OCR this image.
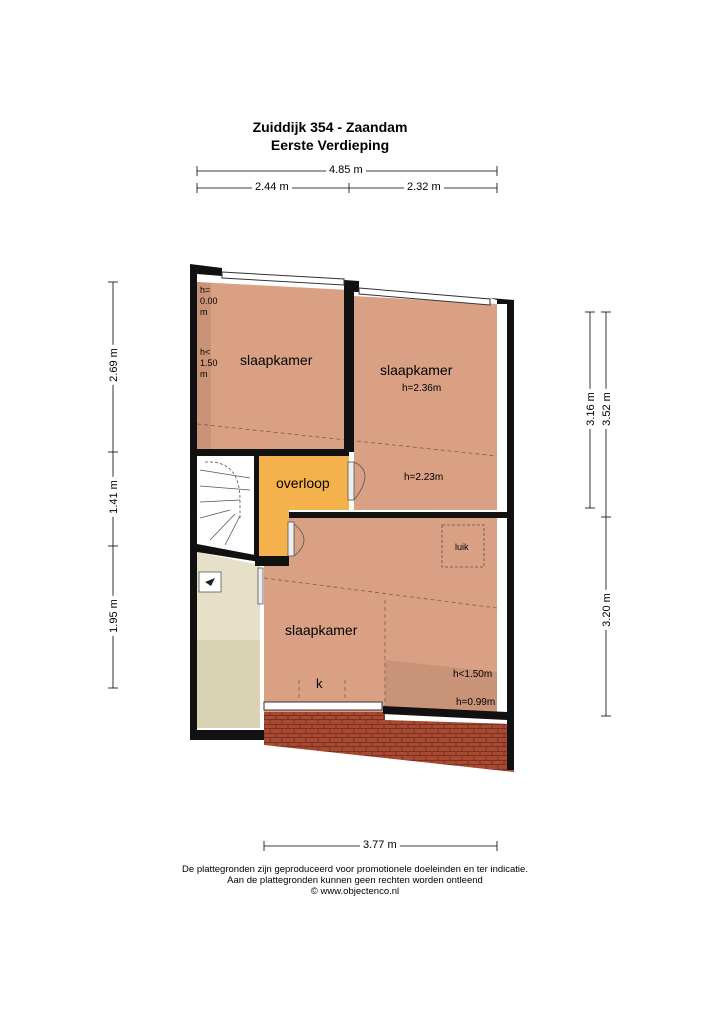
Zuiddijk 354 - Zaandam
Eerste Verdieping
4.85 m
2.44 m	2.32 m
3.77 m
2.69 m
1.41 m
1.95 m
3.16 m 3.52 m
3.20 m
slaapkamer
slaapkamer
h=2.36m
h=2.23m
overloop
slaapkamer
luik
k
h<1.50m
h=0.99m
h=
0.00
m
h<
1.50
m
De plattegronden zijn geproduceerd voor promotionele doeleinden en ter indicatie.
Aan de plattegronden kunnen geen rechten worden ontleend
© www.objectenco.nl
